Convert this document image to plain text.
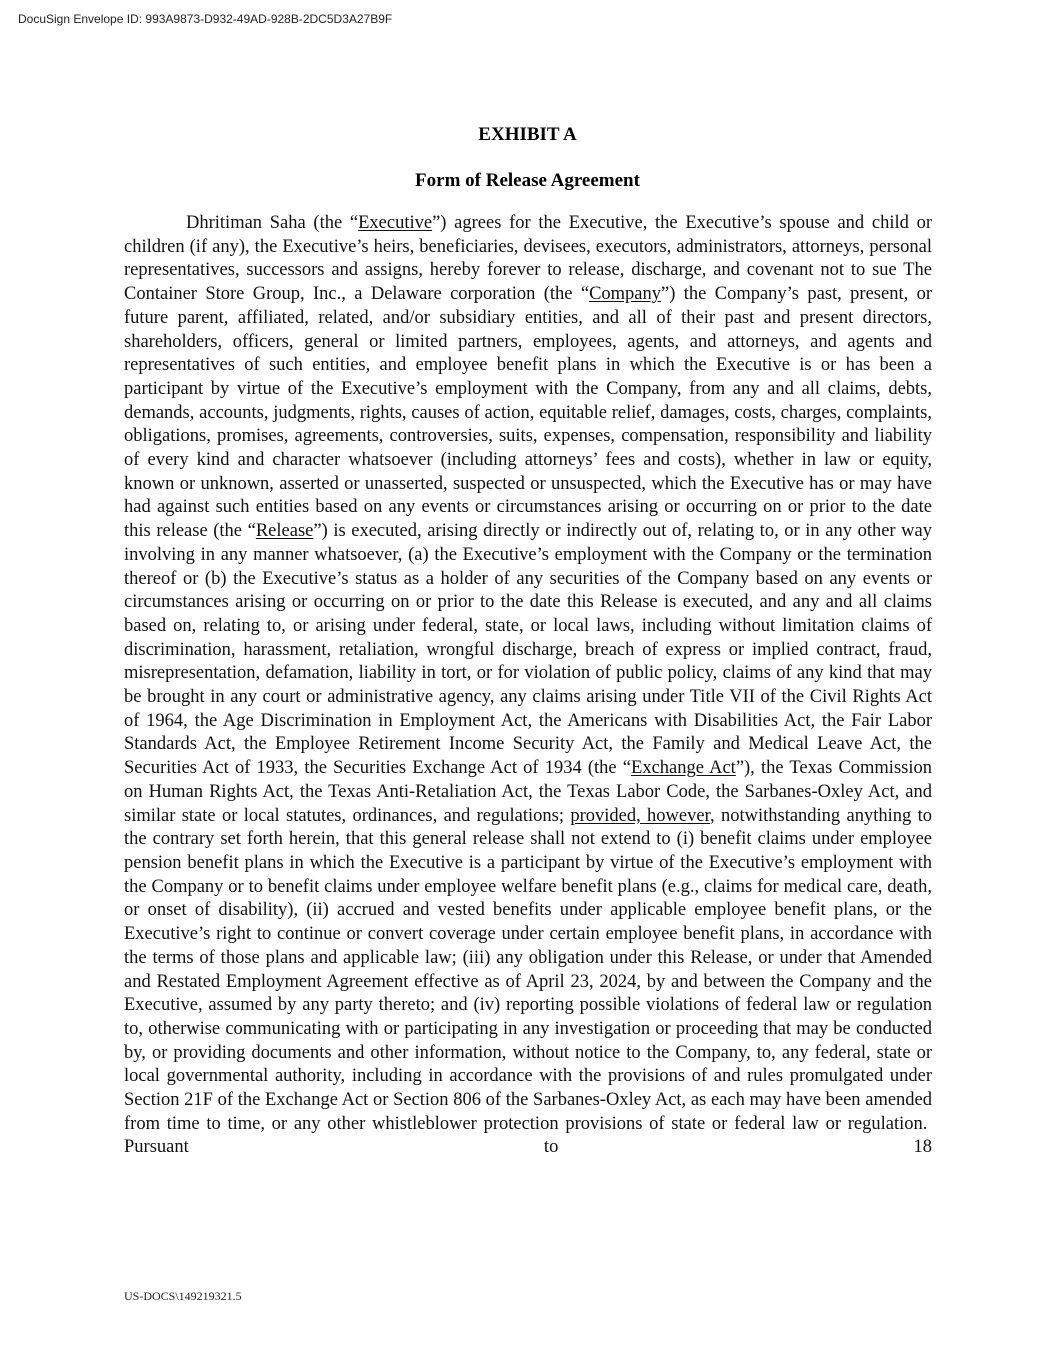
DocuSign Envelope ID: 993A9873-D932-49AD-928B-2DC5D3A27B9F
EXHIBIT A
Form of Release Agreement

Dhritiman Saha (the “Executive”) agrees for the Executive, the Executive’s spouse and child or children (if any), the Executive’s heirs, beneficiaries, devisees, executors, administrators, attorneys, personal representatives, successors and assigns, hereby forever to release, discharge, and covenant not to sue The Container Store Group, Inc., a Delaware corporation (the “Company”) the Company’s past, present, or future parent, affiliated, related, and/or subsidiary entities, and all of their past and present directors, shareholders, officers, general or limited partners, employees, agents, and attorneys, and agents and representatives of such entities, and employee benefit plans in which the Executive is or has been a participant by virtue of the Executive’s employment with the Company, from any and all claims, debts, demands, accounts, judgments, rights, causes of action, equitable relief, damages, costs, charges, complaints, obligations, promises, agreements, controversies, suits, expenses, compensation, responsibility and liability of every kind and character whatsoever (including attorneys’ fees and costs), whether in law or equity, known or unknown, asserted or unasserted, suspected or unsuspected, which the Executive has or may have had against such entities based on any events or circumstances arising or occurring on or prior to the date this release (the “Release”) is executed, arising directly or indirectly out of, relating to, or in any other way involving in any manner whatsoever, (a) the Executive’s employment with the Company or the termination thereof or (b) the Executive’s status as a holder of any securities of the Company based on any events or circumstances arising or occurring on or prior to the date this Release is executed, and any and all claims based on, relating to, or arising under federal, state, or local laws, including without limitation claims of discrimination, harassment, retaliation, wrongful discharge, breach of express or implied contract, fraud, misrepresentation, defamation, liability in tort, or for violation of public policy, claims of any kind that may be brought in any court or administrative agency, any claims arising under Title VII of the Civil Rights Act of 1964, the Age Discrimination in Employment Act, the Americans with Disabilities Act, the Fair Labor Standards Act, the Employee Retirement Income Security Act, the Family and Medical Leave Act, the Securities Act of 1933, the Securities Exchange Act of 1934 (the “Exchange Act”), the Texas Commission on Human Rights Act, the Texas Anti-Retaliation Act, the Texas Labor Code, the Sarbanes-Oxley Act, and similar state or local statutes, ordinances, and regulations; provided, however, notwithstanding anything to the contrary set forth herein, that this general release shall not extend to (i) benefit claims under employee pension benefit plans in which the Executive is a participant by virtue of the Executive’s employment with the Company or to benefit claims under employee welfare benefit plans (e.g., claims for medical care, death, or onset of disability), (ii) accrued and vested benefits under applicable employee benefit plans, or the Executive’s right to continue or convert coverage under certain employee benefit plans, in accordance with the terms of those plans and applicable law; (iii) any obligation under this Release, or under that Amended and Restated Employment Agreement effective as of April 23, 2024, by and between the Company and the Executive, assumed by any party thereto; and (iv) reporting possible violations of federal law or regulation to, otherwise communicating with or participating in any investigation or proceeding that may be conducted by, or providing documents and other information, without notice to the Company, to, any federal, state or local governmental authority, including in accordance with the provisions of and rules promulgated under Section 21F of the Exchange Act or Section 806 of the Sarbanes-Oxley Act, as each may have been amended from time to time, or any other whistleblower protection provisions of state or federal law or regulation.  Pursuant to 18

US-DOCS\149219321.5
